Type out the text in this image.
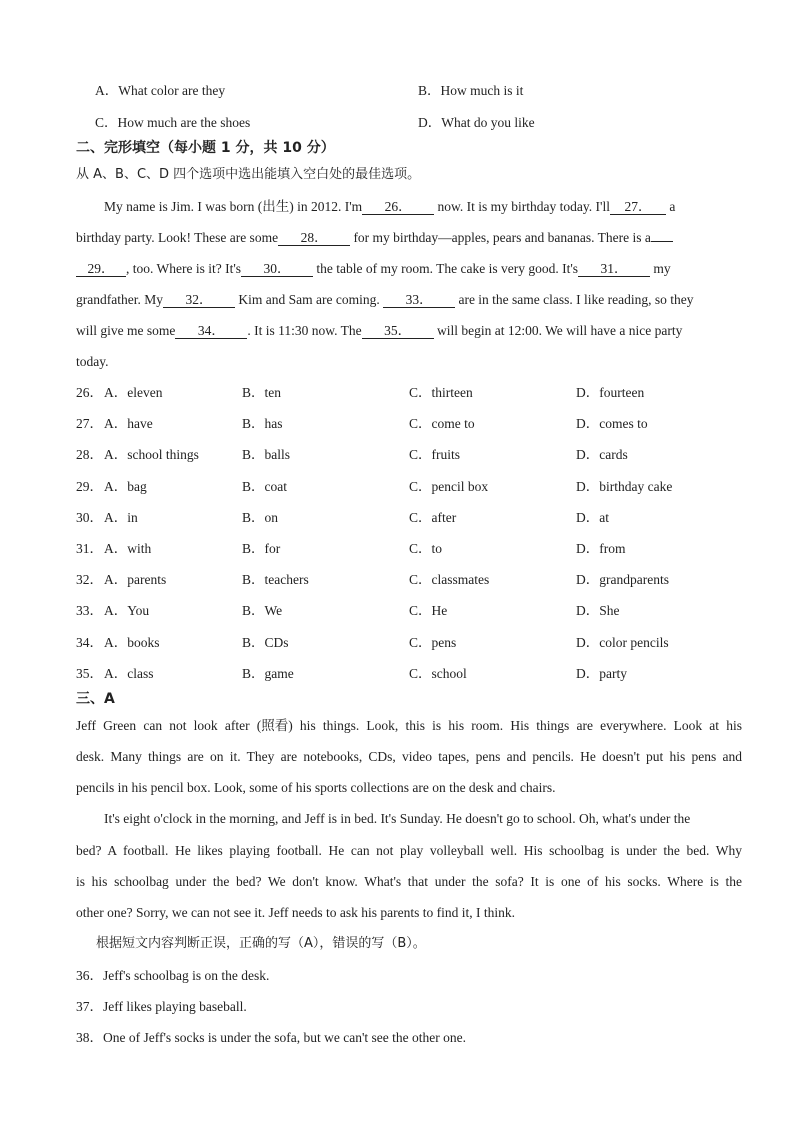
A．What color are they	B．How much is it
C．How much are the shoes	D．What do you like
二、完形填空（每小题 1 分，共 10 分）
从 A、B、C、D 四个选项中选出能填入空白处的最佳选项。
My name is Jim. I was born (出生) in 2012. I'm 26． now. It is my birthday today. I'll 27． a
birthday party. Look! These are some 28． for my birthday—apples, pears and bananas. There is a
29． , too. Where is it? It's 30． the table of my room. The cake is very good. It's 31． my
grandfather. My 32． Kim and Sam are coming. 33． are in the same class. I like reading, so they
will give me some 34． . It is 11:30 now. The 35． will begin at 12:00. We will have a nice party
today.
26． A．eleven	B．ten	C．thirteen	D．fourteen
27． A．have	B．has	C．come to	D．comes to
28． A．school things	B．balls	C．fruits	D．cards
29． A．bag	B．coat	C．pencil box	D．birthday cake
30． A．in	B．on	C．after	D．at
31． A．with	B．for	C．to	D．from
32． A．parents	B．teachers	C．classmates	D．grandparents
33． A．You	B．We	C．He	D．She
34． A．books	B．CDs	C．pens	D．color pencils
35． A．class	B．game	C．school	D．party
三、A
Jeff Green can not look after (照看) his things. Look, this is his room. His things are everywhere. Look at his
desk. Many things are on it. They are notebooks, CDs, video tapes, pens and pencils. He doesn't put his pens and
pencils in his pencil box. Look, some of his sports collections are on the desk and chairs.
It's eight o'clock in the morning, and Jeff is in bed. It's Sunday. He doesn't go to school. Oh, what's under the
bed? A football. He likes playing football. He can not play volleyball well. His schoolbag is under the bed. Why
is his schoolbag under the bed? We don't know. What's that under the sofa? It is one of his socks. Where is the
other one? Sorry, we can not see it. Jeff needs to ask his parents to find it, I think.
根据短文内容判断正误，正确的写（A），错误的写（B）。
36．Jeff's schoolbag is on the desk.
37．Jeff likes playing baseball.
38．One of Jeff's socks is under the sofa, but we can't see the other one.
